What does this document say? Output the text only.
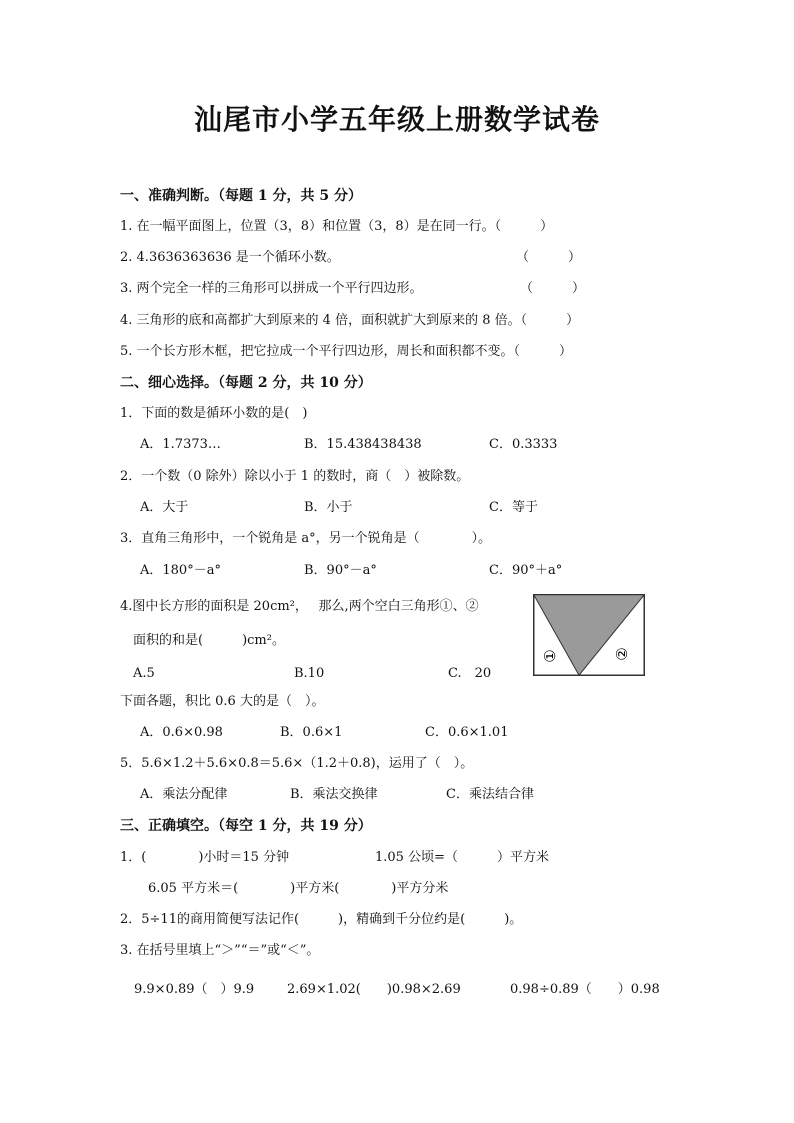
汕尾市小学五年级上册数学试卷
一、准确判断。（每题 1 分，共 5 分）
1. 在一幅平面图上，位置（3，8）和位置（3，8）是在同一行。（　　　）
2. 4.3636363636 是一个循环小数。	（　　　）
3. 两个完全一样的三角形可以拼成一个平行四边形。	（　　　）
4. 三角形的底和高都扩大到原来的 4 倍，面积就扩大到原来的 8 倍。（　　　）
5. 一个长方形木框，把它拉成一个平行四边形，周长和面积都不变。（　　　）
二、细心选择。（每题 2 分，共 10 分）
1．下面的数是循环小数的是(　)
A．1.7373…	B．15.438438438	C．0.3333
2．一个数（0 除外）除以小于 1 的数时，商（　）被除数。
A．大于	B．小于	C．等于
3．直角三角形中，一个锐角是 a°，另一个锐角是（　　　　）。
A．180°－a°	B．90°－a°	C．90°＋a°
4.图中长方形的面积是 20cm²，　 那么,两个空白三角形①、②
面积的和是(　　　)cm²。
A.5	B.10	C.　20
①	②
下面各题，积比 0.6 大的是（　）。
A．0.6×0.98	B．0.6×1	C．0.6×1.01
5．5.6×1.2＋5.6×0.8＝5.6×（1.2＋0.8)，运用了（　）。
A．乘法分配律	B．乘法交换律	C．乘法结合律
三、正确填空。（每空 1 分，共 19 分）
1．(　　　　)小时＝15 分钟	1.05 公顷=（　　　）平方米
6.05 平方米＝(　　　　)平方米(　　　　)平方分米
2．5÷11的商用简便写法记作(　　　)，精确到千分位约是(　　　)。
3. 在括号里填上“＞”“＝”或“＜”。
9.9×0.89（　）9.9	2.69×1.02(　　)0.98×2.69	0.98÷0.89（　　）0.98
